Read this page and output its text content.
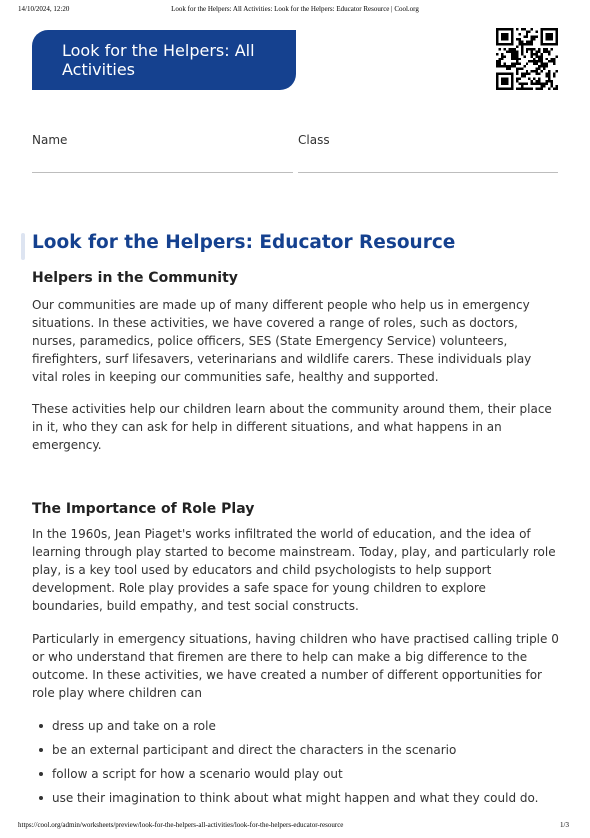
14/10/2024, 12:20	Look for the Helpers: All Activities: Look for the Helpers: Educator Resource | Cool.org
Look for the Helpers: All Activities
Name	Class
Look for the Helpers: Educator Resource
Helpers in the Community
Our communities are made up of many different people who help us in emergency
situations. In these activities, we have covered a range of roles, such as doctors,
nurses, paramedics, police officers, SES (State Emergency Service) volunteers,
firefighters, surf lifesavers, veterinarians and wildlife carers. These individuals play
vital roles in keeping our communities safe, healthy and supported.
These activities help our children learn about the community around them, their place
in it, who they can ask for help in different situations, and what happens in an
emergency.
The Importance of Role Play
In the 1960s, Jean Piaget's works infiltrated the world of education, and the idea of
learning through play started to become mainstream. Today, play, and particularly role
play, is a key tool used by educators and child psychologists to help support
development. Role play provides a safe space for young children to explore
boundaries, build empathy, and test social constructs.
Particularly in emergency situations, having children who have practised calling triple 0
or who understand that firemen are there to help can make a big difference to the
outcome. In these activities, we have created a number of different opportunities for
role play where children can
dress up and take on a role
be an external participant and direct the characters in the scenario
follow a script for how a scenario would play out
use their imagination to think about what might happen and what they could do.
https://cool.org/admin/worksheets/preview/look-for-the-helpers-all-activities/look-for-the-helpers-educator-resource	1/3
